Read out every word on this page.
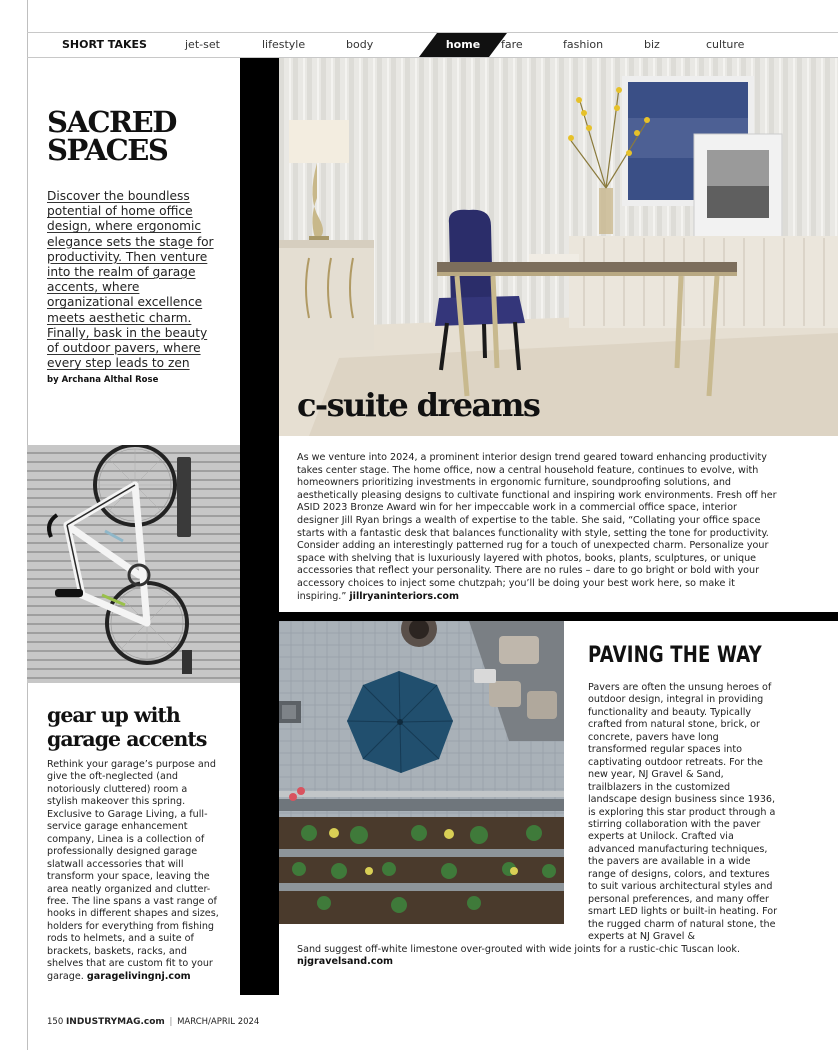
SHORT TAKES	jet-set	lifestyle	body	home	fare	fashion	biz	culture
SACRED
SPACES
Discover the boundless potential of home office design, where ergonomic elegance sets the stage for productivity. Then venture into the realm of garage accents, where organizational excellence meets aesthetic charm. Finally, bask in the beauty of outdoor pavers, where every step leads to zen
by Archana Althal Rose
c-suite dreams
As we venture into 2024, a prominent interior design trend geared toward enhancing productivity takes center stage. The home office, now a central household feature, continues to evolve, with homeowners prioritizing investments in ergonomic furniture, soundproofing solutions, and aesthetically pleasing designs to cultivate functional and inspiring work environments. Fresh off her ASID 2023 Bronze Award win for her impeccable work in a commercial office space, interior designer Jill Ryan brings a wealth of expertise to the table. She said, “Collating your office space starts with a fantastic desk that balances functionality with style, setting the tone for productivity. Consider adding an interestingly patterned rug for a touch of unexpected charm. Personalize your space with shelving that is luxuriously layered with photos, books, plants, sculptures, or unique accessories that reflect your personality. There are no rules – dare to go bright or bold with your accessory choices to inject some chutzpah; you’ll be doing your best work here, so make it inspiring.” jillryaninteriors.com
gear up with
garage accents
Rethink your garage’s purpose and give the oft-neglected (and notoriously cluttered) room a stylish makeover this spring. Exclusive to Garage Living, a full-service garage enhancement company, Linea is a collection of professionally designed garage slatwall accessories that will transform your space, leaving the area neatly organized and clutter-free. The line spans a vast range of hooks in different shapes and sizes, holders for everything from fishing rods to helmets, and a suite of brackets, baskets, racks, and shelves that are custom fit to your garage. garagelivingnj.com
PAVING THE WAY
Pavers are often the unsung heroes of outdoor design, integral in providing functionality and beauty. Typically crafted from natural stone, brick, or concrete, pavers have long transformed regular spaces into captivating outdoor retreats. For the new year, NJ Gravel & Sand, trailblazers in the customized landscape design business since 1936, is exploring this star product through a stirring collaboration with the paver experts at Unilock. Crafted via advanced manufacturing techniques, the pavers are available in a wide range of designs, colors, and textures to suit various architectural styles and personal preferences, and many offer smart LED lights or built-in heating. For the rugged charm of natural stone, the experts at NJ Gravel &
Sand suggest off-white limestone over-grouted with wide joints for a rustic-chic Tuscan look.
njgravelsand.com
150 INDUSTRYMAG.com | MARCH/APRIL 2024
